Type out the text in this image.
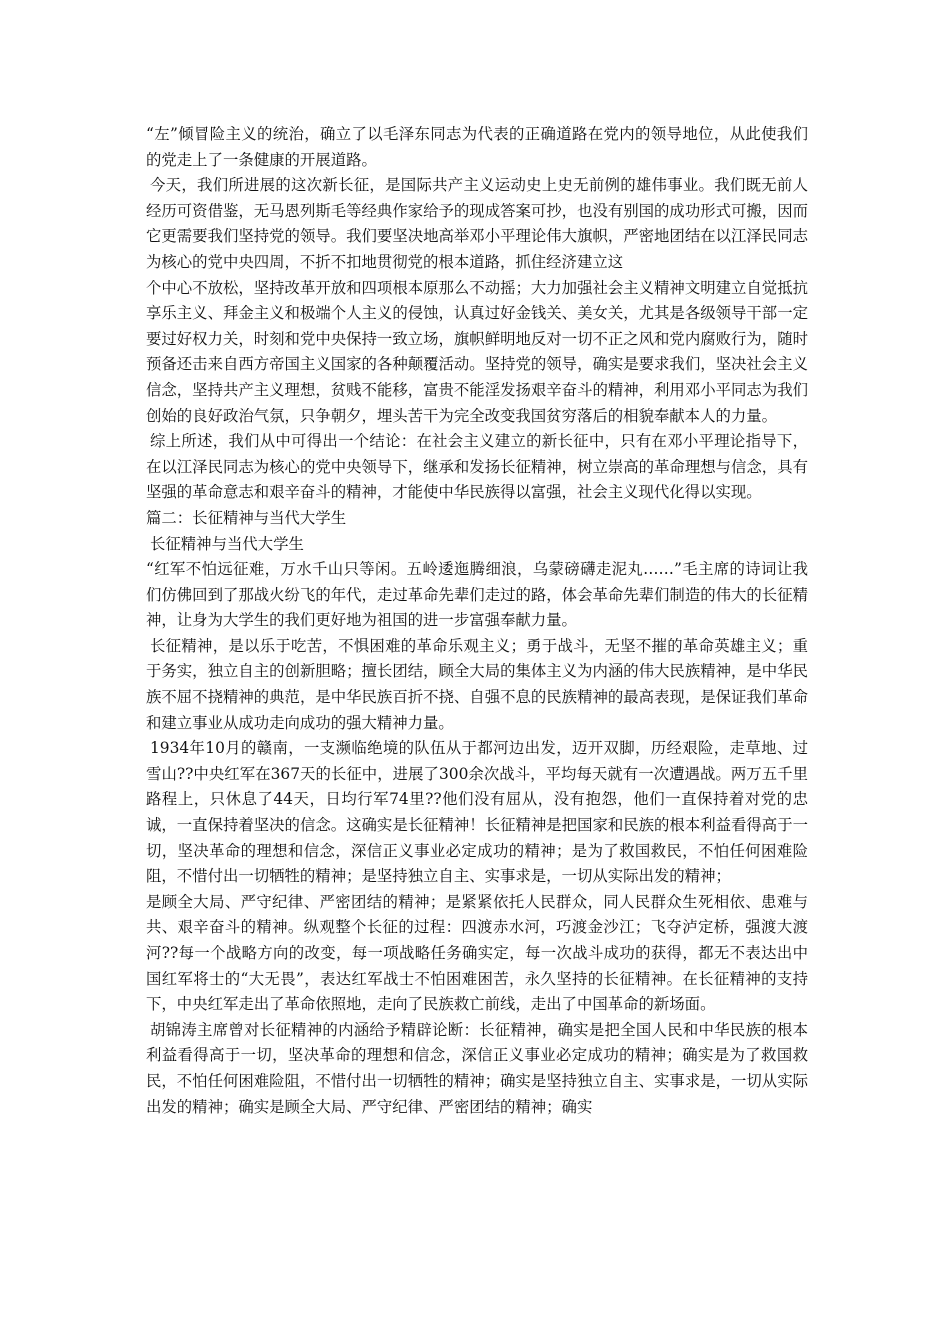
“左”倾冒险主义的统治，确立了以毛泽东同志为代表的正确道路在党内的领导地位，从此使我们的党走上了一条健康的开展道路。

今天，我们所进展的这次新长征，是国际共产主义运动史上史无前例的雄伟事业。我们既无前人经历可资借鉴，无马恩列斯毛等经典作家给予的现成答案可抄，也没有别国的成功形式可搬，因而它更需要我们坚持党的领导。我们要坚决地高举邓小平理论伟大旗帜，严密地团结在以江泽民同志为核心的党中央四周，不折不扣地贯彻党的根本道路，抓住经济建立这

个中心不放松，坚持改革开放和四项根本原那么不动摇；大力加强社会主义精神文明建立自觉抵抗享乐主义、拜金主义和极端个人主义的侵蚀，认真过好金钱关、美女关，尤其是各级领导干部一定要过好权力关，时刻和党中央保持一致立场，旗帜鲜明地反对一切不正之风和党内腐败行为，随时预备还击来自西方帝国主义国家的各种颠覆活动。坚持党的领导，确实是要求我们，坚决社会主义信念，坚持共产主义理想，贫贱不能移，富贵不能淫发扬艰辛奋斗的精神，利用邓小平同志为我们创始的良好政治气氛，只争朝夕，埋头苦干为完全改变我国贫穷落后的相貌奉献本人的力量。

综上所述，我们从中可得出一个结论：在社会主义建立的新长征中，只有在邓小平理论指导下，在以江泽民同志为核心的党中央领导下，继承和发扬长征精神，树立崇高的革命理想与信念，具有坚强的革命意志和艰辛奋斗的精神，才能使中华民族得以富强，社会主义现代化得以实现。

篇二：长征精神与当代大学生

长征精神与当代大学生

“红军不怕远征难，万水千山只等闲。五岭逶迤腾细浪，乌蒙磅礴走泥丸……”毛主席的诗词让我们仿佛回到了那战火纷飞的年代，走过革命先辈们走过的路，体会革命先辈们制造的伟大的长征精神，让身为大学生的我们更好地为祖国的进一步富强奉献力量。

长征精神，是以乐于吃苦，不惧困难的革命乐观主义；勇于战斗，无坚不摧的革命英雄主义；重于务实，独立自主的创新胆略；擅长团结，顾全大局的集体主义为内涵的伟大民族精神，是中华民族不屈不挠精神的典范，是中华民族百折不挠、自强不息的民族精神的最高表现，是保证我们革命和建立事业从成功走向成功的强大精神力量。

1934年10月的赣南，一支濒临绝境的队伍从于都河边出发，迈开双脚，历经艰险，走草地、过雪山??中央红军在367天的长征中，进展了300余次战斗，平均每天就有一次遭遇战。两万五千里路程上，只休息了44天，日均行军74里??他们没有屈从，没有抱怨，他们一直保持着对党的忠诚，一直保持着坚决的信念。这确实是长征精神！长征精神是把国家和民族的根本利益看得高于一切，坚决革命的理想和信念，深信正义事业必定成功的精神；是为了救国救民，不怕任何困难险阻，不惜付出一切牺牲的精神；是坚持独立自主、实事求是，一切从实际出发的精神；

是顾全大局、严守纪律、严密团结的精神；是紧紧依托人民群众，同人民群众生死相依、患难与共、艰辛奋斗的精神。纵观整个长征的过程：四渡赤水河，巧渡金沙江；飞夺泸定桥，强渡大渡河??每一个战略方向的改变，每一项战略任务确实定，每一次战斗成功的获得，都无不表达出中国红军将士的“大无畏”，表达红军战士不怕困难困苦，永久坚持的长征精神。在长征精神的支持下，中央红军走出了革命依照地，走向了民族救亡前线，走出了中国革命的新场面。

胡锦涛主席曾对长征精神的内涵给予精辟论断：长征精神，确实是把全国人民和中华民族的根本利益看得高于一切，坚决革命的理想和信念，深信正义事业必定成功的精神；确实是为了救国救民，不怕任何困难险阻，不惜付出一切牺牲的精神；确实是坚持独立自主、实事求是，一切从实际出发的精神；确实是顾全大局、严守纪律、严密团结的精神；确实
